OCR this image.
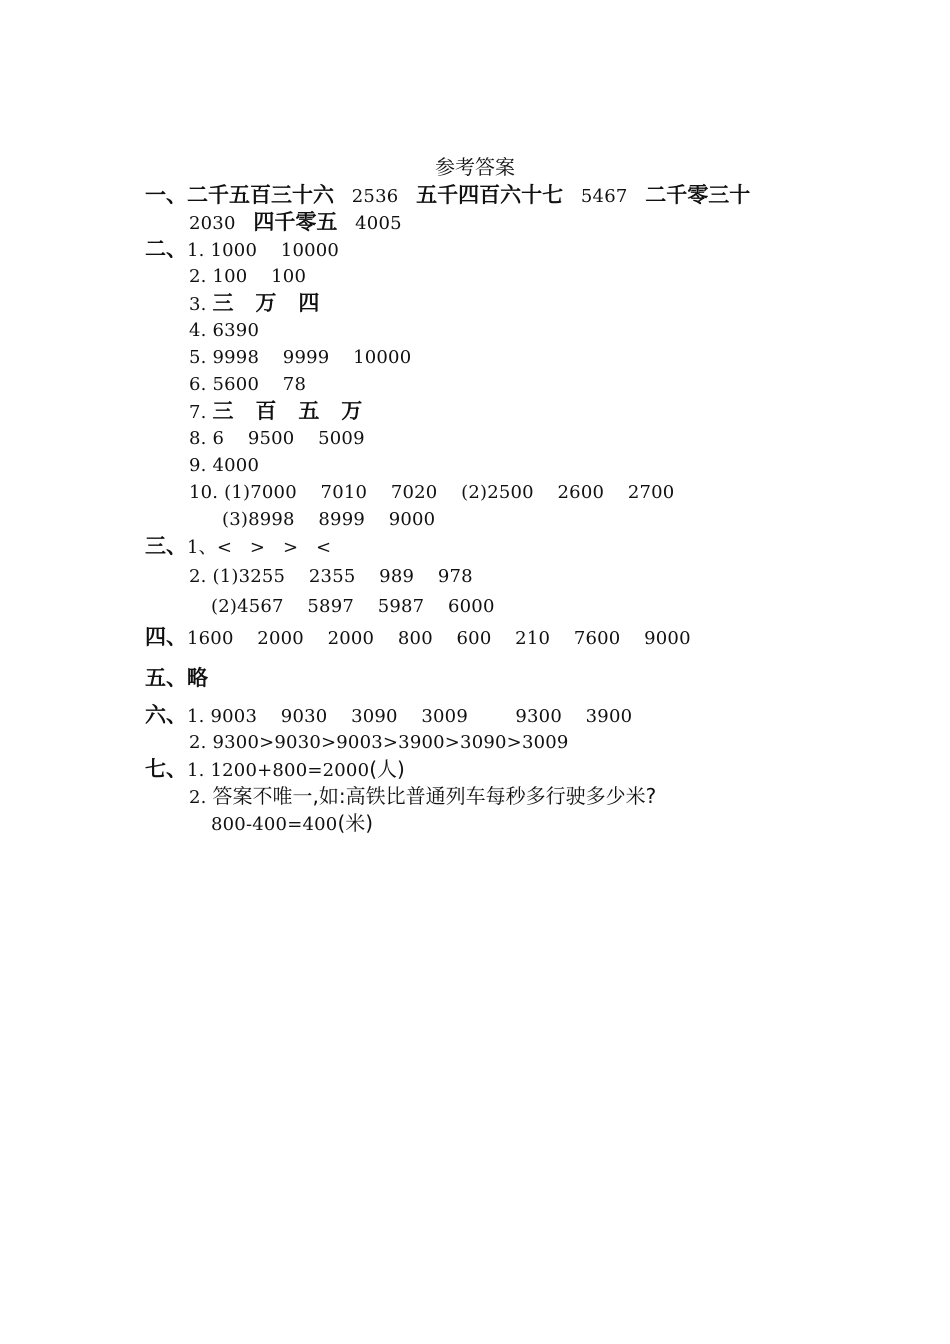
参考答案
一、二千五百三十六   2536   五千四百六十七   5467   二千零三十
2030   四千零五   4005
二、1. 1000    10000
2. 100    100
3. 三   万   四
4. 6390
5. 9998    9999    10000
6. 5600    78
7. 三   百   五   万
8. 6    9500    5009
9. 4000
10. (1)7000    7010    7020    (2)2500    2600    2700
(3)8998    8999    9000
三、1、<   >   >   <
2. (1)3255    2355    989    978
(2)4567    5897    5987    6000
四、1600    2000    2000    800    600    210    7600    9000
五、略
六、1. 9003    9030    3090    3009        9300    3900
2. 9300>9030>9003>3900>3090>3009
七、1. 1200+800=2000(人)
2. 答案不唯一,如:高铁比普通列车每秒多行驶多少米?
800-400=400(米)
